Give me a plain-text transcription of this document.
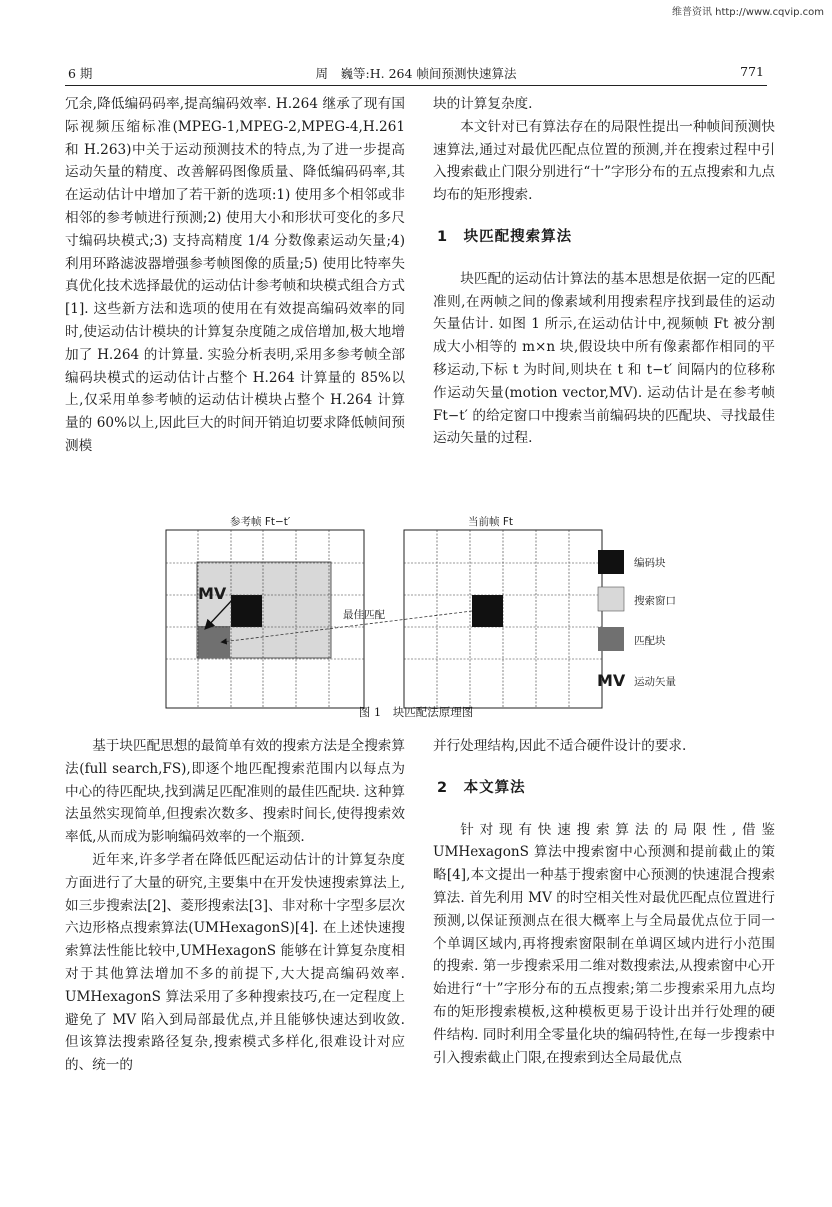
维普资讯 http://www.cqvip.com
6 期	周　巍等:H. 264 帧间预测快速算法	771

冗余,降低编码码率,提高编码效率. H.264 继承了现有国际视频压缩标准(MPEG-1,MPEG-2,MPEG-4,H.261 和 H.263)中关于运动预测技术的特点,为了进一步提高运动矢量的精度、改善解码图像质量、降低编码码率,其在运动估计中增加了若干新的选项:1) 使用多个相邻或非相邻的参考帧进行预测;2) 使用大小和形状可变化的多尺寸编码块模式;3) 支持高精度 1/4 分数像素运动矢量;4) 利用环路滤波器增强参考帧图像的质量;5) 使用比特率失真优化技术选择最优的运动估计参考帧和块模式组合方式[1]. 这些新方法和选项的使用在有效提高编码效率的同时,使运动估计模块的计算复杂度随之成倍增加,极大地增加了 H.264 的计算量. 实验分析表明,采用多参考帧全部编码块模式的运动估计占整个 H.264 计算量的 85%以上,仅采用单参考帧的运动估计模块占整个 H.264 计算量的 60%以上,因此巨大的时间开销迫切要求降低帧间预测模

块的计算复杂度.

本文针对已有算法存在的局限性提出一种帧间预测快速算法,通过对最优匹配点位置的预测,并在搜索过程中引入搜索截止门限分别进行“十”字形分布的五点搜索和九点均布的矩形搜索.

1　块匹配搜索算法

块匹配的运动估计算法的基本思想是依据一定的匹配准则,在两帧之间的像素域利用搜索程序找到最佳的运动矢量估计. 如图 1 所示,在运动估计中,视频帧 Ft 被分割成大小相等的 m×n 块,假设块中所有像素都作相同的平移运动,下标 t 为时间,则块在 t 和 t−t′ 间隔内的位移称作运动矢量(motion vector,MV). 运动估计是在参考帧 Ft−t′ 的给定窗口中搜索当前编码块的匹配块、寻找最佳运动矢量的过程.

参考帧 Ft−t′	当前帧 Ft
MV
最佳匹配
编码块
搜索窗口
匹配块
MV 运动矢量
图 1　块匹配法原理图

基于块匹配思想的最简单有效的搜索方法是全搜索算法(full search,FS),即逐个地匹配搜索范围内以每点为中心的待匹配块,找到满足匹配准则的最佳匹配块. 这种算法虽然实现简单,但搜索次数多、搜索时间长,使得搜索效率低,从而成为影响编码效率的一个瓶颈.

近年来,许多学者在降低匹配运动估计的计算复杂度方面进行了大量的研究,主要集中在开发快速搜索算法上,如三步搜索法[2]、菱形搜索法[3]、非对称十字型多层次六边形格点搜索算法(UMHexagonS)[4]. 在上述快速搜索算法性能比较中,UMHexagonS 能够在计算复杂度相对于其他算法增加不多的前提下,大大提高编码效率. UMHexagonS 算法采用了多种搜索技巧,在一定程度上避免了 MV 陷入到局部最优点,并且能够快速达到收敛. 但该算法搜索路径复杂,搜索模式多样化,很难设计对应的、统一的

并行处理结构,因此不适合硬件设计的要求.

2　本文算法

针对现有快速搜索算法的局限性,借鉴 UMHexagonS 算法中搜索窗中心预测和提前截止的策略[4],本文提出一种基于搜索窗中心预测的快速混合搜索算法. 首先利用 MV 的时空相关性对最优匹配点位置进行预测,以保证预测点在很大概率上与全局最优点位于同一个单调区域内,再将搜索窗限制在单调区域内进行小范围的搜索. 第一步搜索采用二维对数搜索法,从搜索窗中心开始进行“十”字形分布的五点搜索;第二步搜索采用九点均布的矩形搜索模板,这种模板更易于设计出并行处理的硬件结构. 同时利用全零量化块的编码特性,在每一步搜索中引入搜索截止门限,在搜索到达全局最优点
